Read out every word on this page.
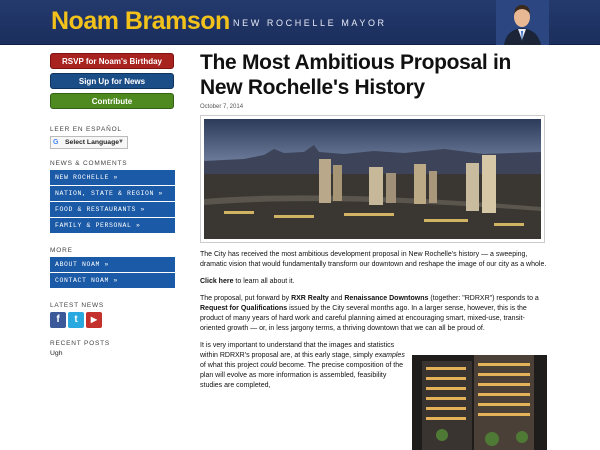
Noam Bramson NEW ROCHELLE MAYOR
RSVP for Noam's Birthday
Sign Up for News
Contribute
LEER EN ESPAÑOL
G Select Language ▼
NEWS & COMMENTS
NEW ROCHELLE »
NATION, STATE & REGION »
FOOD & RESTAURANTS »
FAMILY & PERSONAL »
MORE
ABOUT NOAM »
CONTACT NOAM »
LATEST NEWS
f	t	▶
RECENT POSTS
Ugh
The Most Ambitious Proposal in New Rochelle's History
October 7, 2014

The City has received the most ambitious development proposal in New Rochelle's history — a sweeping, dramatic vision that would fundamentally transform our downtown and reshape the image of our city as a whole.

Click here to learn all about it.

The proposal, put forward by RXR Realty and Renaissance Downtowns (together: "RDRXR") responds to a Request for Qualifications issued by the City several months ago. In a larger sense, however, this is the product of many years of hard work and careful planning aimed at encouraging smart, mixed-use, transit-oriented growth — or, in less jargony terms, a thriving downtown that we can all be proud of.

It is very important to understand that the images and statistics within RDRXR's proposal are, at this early stage, simply examples of what this project could become. The precise composition of the plan will evolve as more information is assembled, feasibility studies are completed,
